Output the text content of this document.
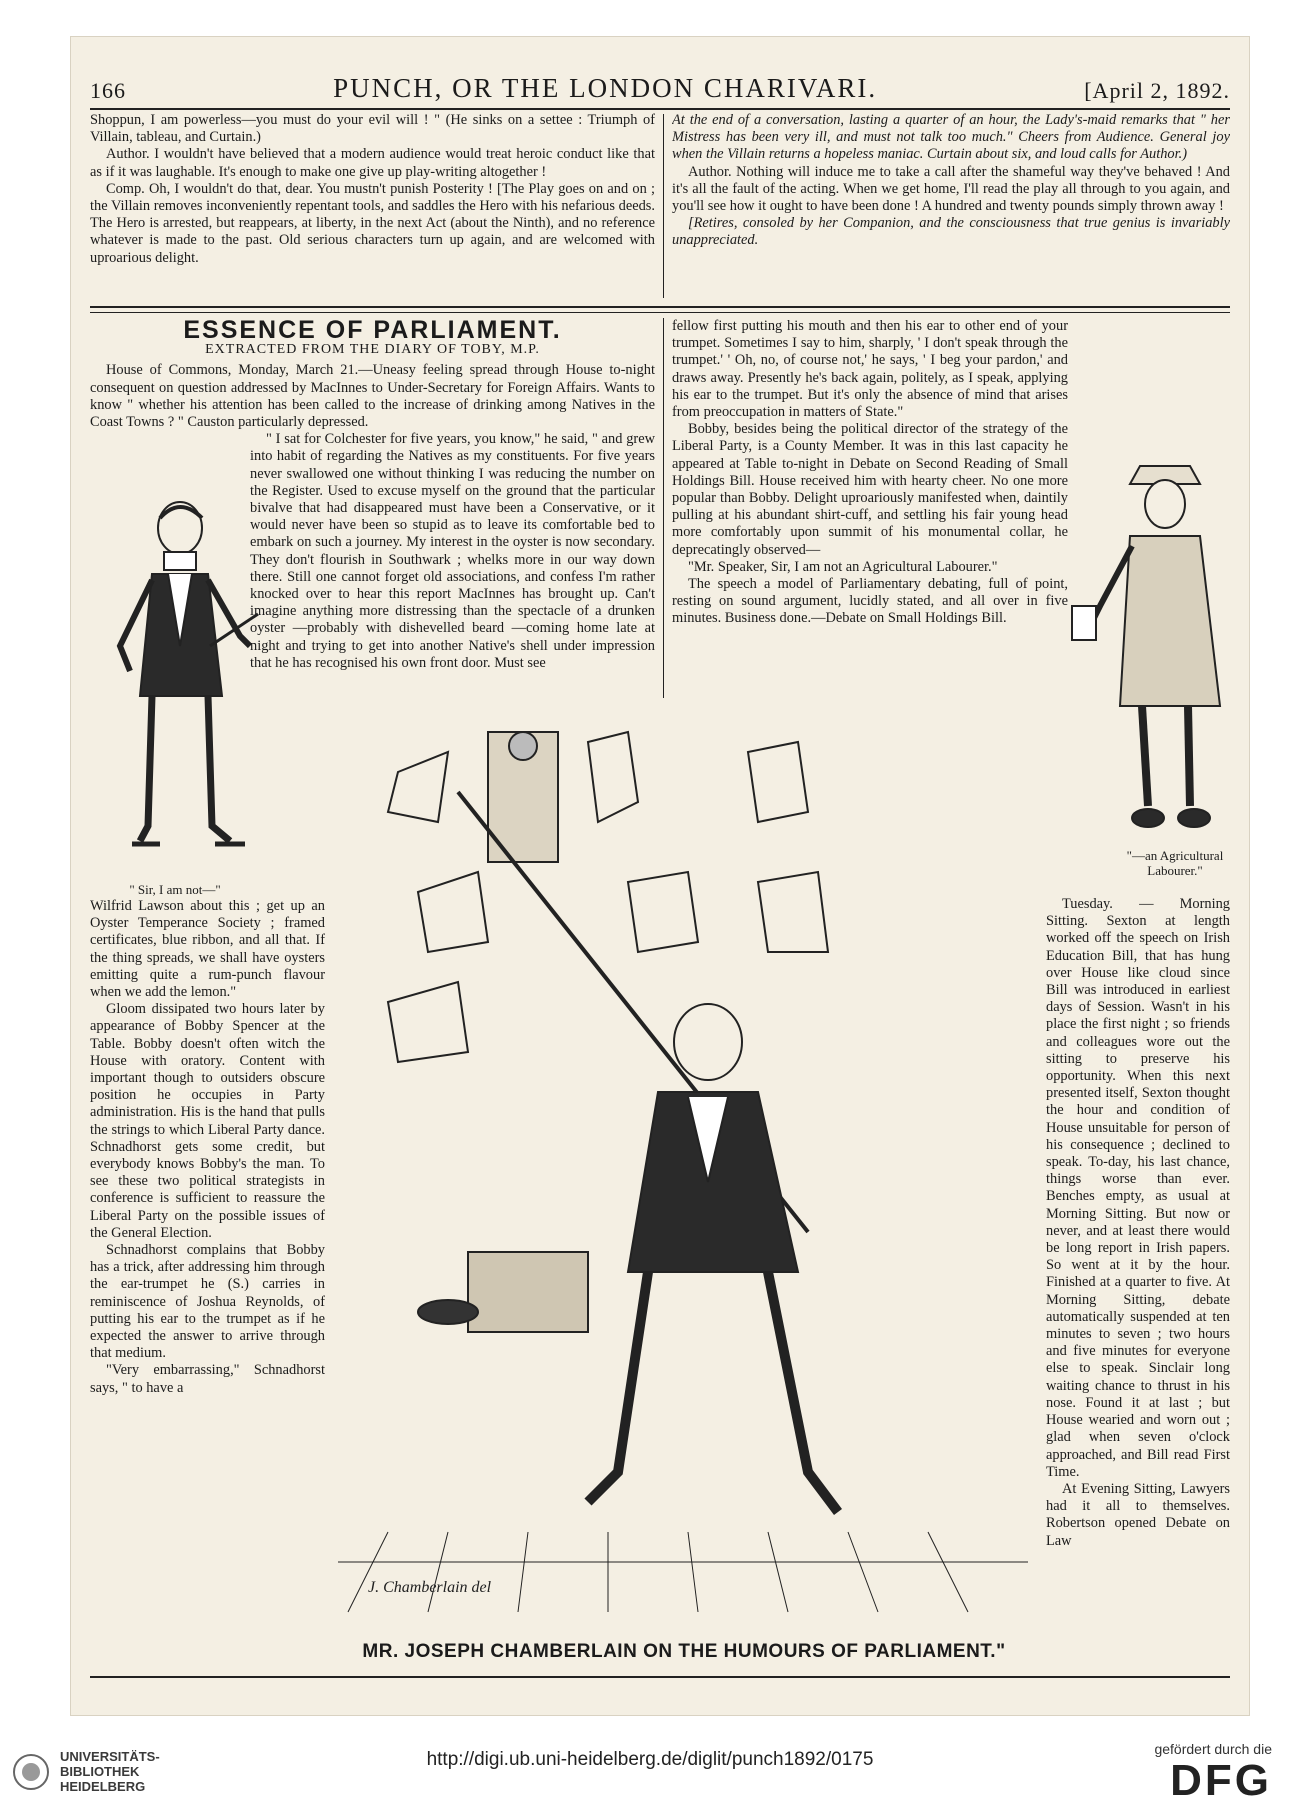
166	PUNCH, OR THE LONDON CHARIVARI.	[April 2, 1892.

Shoppun, I am powerless—you must do your evil will ! " (He sinks on a settee : Triumph of Villain, tableau, and Curtain.)

Author. I wouldn't have believed that a modern audience would treat heroic conduct like that as if it was laughable. It's enough to make one give up play-writing altogether !

Comp. Oh, I wouldn't do that, dear. You mustn't punish Posterity ! [The Play goes on and on ; the Villain removes inconveniently repentant tools, and saddles the Hero with his nefarious deeds. The Hero is arrested, but reappears, at liberty, in the next Act (about the Ninth), and no reference whatever is made to the past. Old serious characters turn up again, and are welcomed with uproarious delight.

At the end of a conversation, lasting a quarter of an hour, the Lady's-maid remarks that " her Mistress has been very ill, and must not talk too much." Cheers from Audience. General joy when the Villain returns a hopeless maniac. Curtain about six, and loud calls for Author.)

Author. Nothing will induce me to take a call after the shameful way they've behaved ! And it's all the fault of the acting. When we get home, I'll read the play all through to you again, and you'll see how it ought to have been done ! A hundred and twenty pounds simply thrown away !

[Retires, consoled by her Companion, and the consciousness that true genius is invariably unappreciated.

ESSENCE OF PARLIAMENT.
EXTRACTED FROM THE DIARY OF TOBY, M.P.

House of Commons, Monday, March 21.—Uneasy feeling spread through House to-night consequent on question addressed by MacInnes to Under-Secretary for Foreign Affairs. Wants to know " whether his attention has been called to the increase of drinking among Natives in the Coast Towns ? " Causton particularly depressed.

" I sat for Colchester for five years, you know," he said, " and grew into habit of regarding the Natives as my constituents. For five years never swallowed one without thinking I was reducing the number on the Register. Used to excuse myself on the ground that the particular bivalve that had disappeared must have been a Conservative, or it would never have been so stupid as to leave its comfortable bed to embark on such a journey. My interest in the oyster is now secondary. They don't flourish in Southwark ; whelks more in our way down there. Still one cannot forget old associations, and confess I'm rather knocked over to hear this report MacInnes has brought up. Can't imagine anything more distressing than the spectacle of a drunken oyster —probably with dishevelled beard —coming home late at night and trying to get into another Native's shell under impression that he has recognised his own front door. Must see

" Sir, I am not—"

Wilfrid Lawson about this ; get up an Oyster Temperance Society ; framed certificates, blue ribbon, and all that. If the thing spreads, we shall have oysters emitting quite a rum-punch flavour when we add the lemon."

Gloom dissipated two hours later by appearance of Bobby Spencer at the Table. Bobby doesn't often witch the House with oratory. Content with important though to outsiders obscure position he occupies in Party administration. His is the hand that pulls the strings to which Liberal Party dance. Schnadhorst gets some credit, but everybody knows Bobby's the man. To see these two political strategists in conference is sufficient to reassure the Liberal Party on the possible issues of the General Election.

Schnadhorst complains that Bobby has a trick, after addressing him through the ear-trumpet he (S.) carries in reminiscence of Joshua Reynolds, of putting his ear to the trumpet as if he expected the answer to arrive through that medium.

"Very embarrassing," Schnadhorst says, " to have a

fellow first putting his mouth and then his ear to other end of your trumpet. Sometimes I say to him, sharply, ' I don't speak through the trumpet.' ' Oh, no, of course not,' he says, ' I beg your pardon,' and draws away. Presently he's back again, politely, as I speak, applying his ear to the trumpet. But it's only the absence of mind that arises from preoccupation in matters of State."

Bobby, besides being the political director of the strategy of the Liberal Party, is a County Member. It was in this last capacity he appeared at Table to-night in Debate on Second Reading of Small Holdings Bill. House received him with hearty cheer. No one more popular than Bobby. Delight uproariously manifested when, daintily pulling at his abundant shirt-cuff, and settling his fair young head more comfortably upon summit of his monumental collar, he deprecatingly observed—

"Mr. Speaker, Sir, I am not an Agricultural Labourer."

The speech a model of Parliamentary debating, full of point, resting on sound argument, lucidly stated, and all over in five minutes. Business done.—Debate on Small Holdings Bill.

"—an Agricultural Labourer."
J. Chamberlain del

Tuesday. — Morning Sitting. Sexton at length worked off the speech on Irish Education Bill, that has hung over House like cloud since Bill was introduced in earliest days of Session. Wasn't in his place the first night ; so friends and colleagues wore out the sitting to preserve his opportunity. When this next presented itself, Sexton thought the hour and condition of House unsuitable for person of his consequence ; declined to speak. To-day, his last chance, things worse than ever. Benches empty, as usual at Morning Sitting. But now or never, and at least there would be long report in Irish papers. So went at it by the hour. Finished at a quarter to five. At Morning Sitting, debate automatically suspended at ten minutes to seven ; two hours and five minutes for everyone else to speak. Sinclair long waiting chance to thrust in his nose. Found it at last ; but House wearied and worn out ; glad when seven o'clock approached, and Bill read First Time.

At Evening Sitting, Lawyers had it all to themselves. Robertson opened Debate on Law

MR. JOSEPH CHAMBERLAIN ON THE HUMOURS OF PARLIAMENT."
UNIVERSITÄTS-
BIBLIOTHEK
HEIDELBERG
http://digi.ub.uni-heidelberg.de/diglit/punch1892/0175	gefördert durch die
DFG
